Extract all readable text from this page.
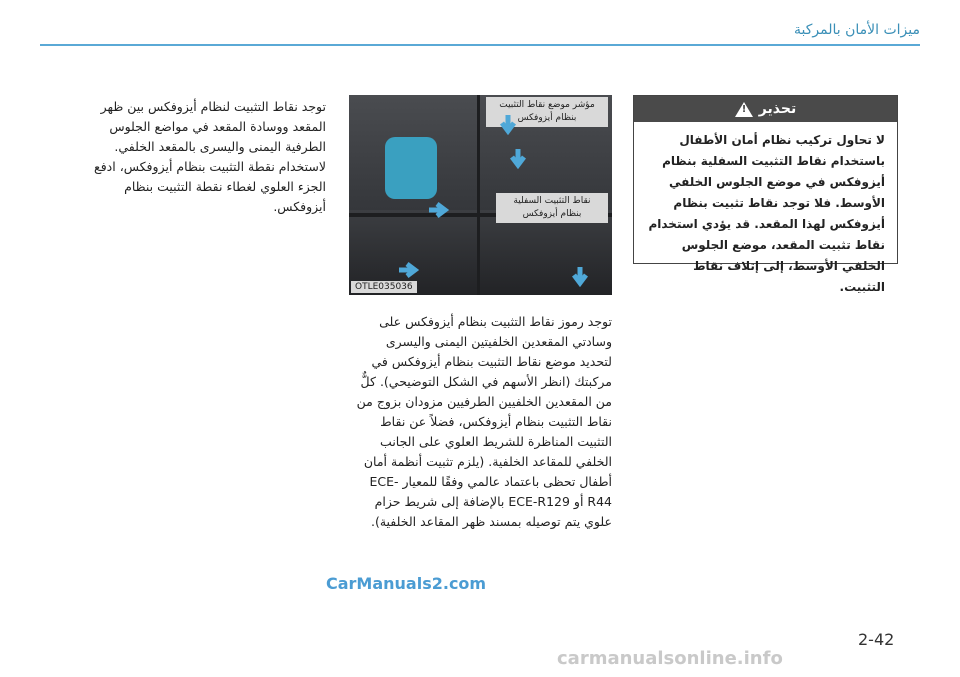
ميزات الأمان بالمركبة
توجد نقاط التثبيت لنظام أيزوفكس بين ظهر المقعد ووسادة المقعد في مواضع الجلوس الطرفية اليمنى واليسرى بالمقعد الخلفي. لاستخدام نقطة التثبيت بنظام أيزوفكس، ادفع الجزء العلوي لغطاء نقطة التثبيت بنظام أيزوفكس.
مؤشر موضع نقاط التثبيت بنظام أيزوفكس
نقاط التثبيت السفلية بنظام أيزوفكس
OTLE035036
تحذير
!
لا تحاول تركيب نظام أمان الأطفال باستخدام نقاط التثبيت السفلية بنظام أيزوفكس في موضع الجلوس الخلفي الأوسط. فلا توجد نقاط تثبيت بنظام أيزوفكس لهذا المقعد. قد يؤدي استخدام نقاط تثبيت المقعد، موضع الجلوس الخلفي الأوسط، إلى إتلاف نقاط التثبيت.
توجد رموز نقاط التثبيت بنظام أيزوفكس على وسادتي المقعدين الخلفيتين اليمنى واليسرى لتحديد موضع نقاط التثبيت بنظام أيزوفكس في مركبتك (انظر الأسهم في الشكل التوضيحي). كلٌّ من المقعدين الخلفيين الطرفيين مزودان بزوج من نقاط التثبيت بنظام أيزوفكس، فضلاً عن نقاط التثبيت المناظرة للشريط العلوي على الجانب الخلفي للمقاعد الخلفية. (يلزم تثبيت أنظمة أمان أطفال تحظى باعتماد عالمي وفقًا للمعيار ECE-R44 أو ECE-R129 بالإضافة إلى شريط حزام علوي يتم توصيله بمسند ظهر المقاعد الخلفية).
CarManuals2.com
2-42
carmanualsonline.info
